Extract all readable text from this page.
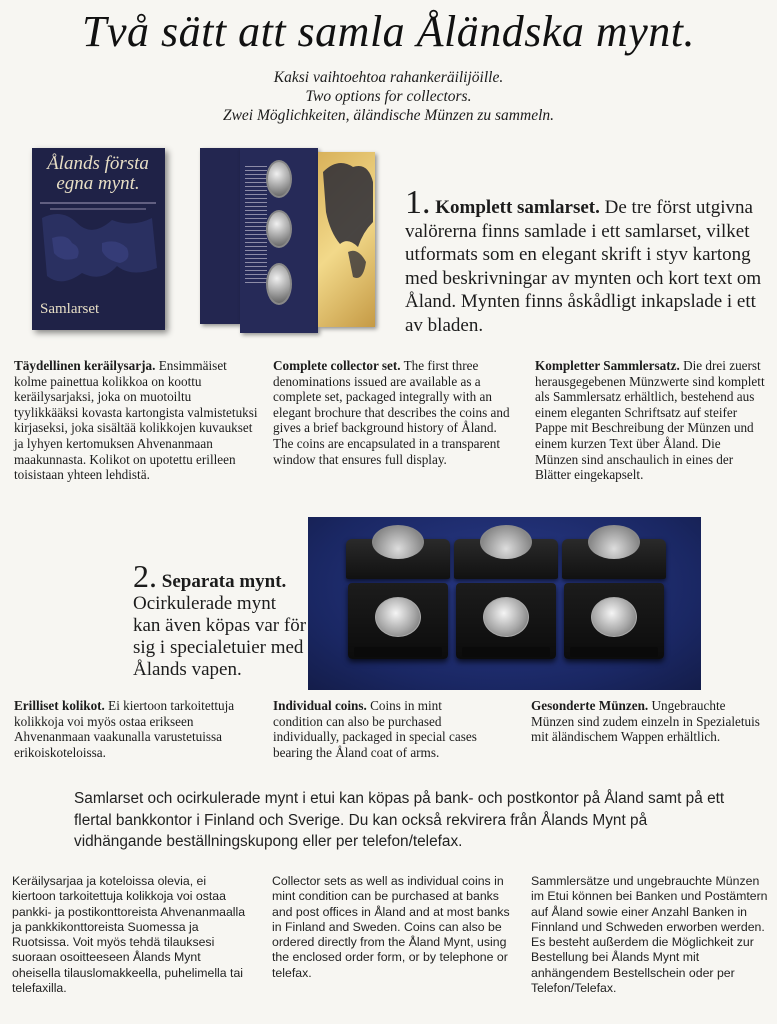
Två sätt att samla Åländska mynt.
Kaksi vaihtoehtoa rahankeräilijöille.
Two options for collectors.
Zwei Möglichkeiten, äländische Münzen zu sammeln.
Ålands första egna mynt.
Samlarset
1. Komplett samlarset. De tre först utgivna valörerna finns samlade i ett samlarset, vilket utformats som en elegant skrift i styv kartong med beskrivningar av mynten och kort text om Åland. Mynten finns åskådligt inkapslade i ett av bladen.
Täydellinen keräilysarja. Ensimmäiset kolme painettua kolikkoa on koottu keräilysarjaksi, joka on muotoiltu tyylikkääksi kovasta kartongista valmistetuksi kirjaseksi, joka sisältää kolikkojen kuvaukset ja lyhyen kertomuksen Ahvenanmaan maakunnasta. Kolikot on upotettu erilleen toisistaan yhteen lehdistä.
Complete collector set. The first three denominations issued are available as a complete set, packaged integrally with an elegant brochure that describes the coins and gives a brief background history of Åland. The coins are encapsulated in a transparent window that ensures full display.
Kompletter Sammlersatz. Die drei zuerst herausgegebenen Münzwerte sind komplett als Sammlersatz erhältlich, bestehend aus einem eleganten Schriftsatz auf steifer Pappe mit Beschreibung der Münzen und einem kurzen Text über Åland. Die Münzen sind anschaulich in eines der Blätter eingekapselt.
2. Separata mynt. Ocirkulerade mynt kan även köpas var för sig i specialetuier med Ålands vapen.
Erilliset kolikot. Ei kiertoon tarkoitettuja kolikkoja voi myös ostaa erikseen Ahvenanmaan vaakunalla varustetuissa erikoiskoteloissa.
Individual coins. Coins in mint condition can also be purchased individually, packaged in special cases bearing the Åland coat of arms.
Gesonderte Münzen. Ungebrauchte Münzen sind zudem einzeln in Spezialetuis mit äländischem Wappen erhältlich.
Samlarset och ocirkulerade mynt i etui kan köpas på bank- och postkontor på Åland samt på ett flertal bankkontor i Finland och Sverige. Du kan också rekvirera från Ålands Mynt på vidhängande beställningskupong eller per telefon/telefax.
Keräilysarjaa ja koteloissa olevia, ei kiertoon tarkoitettuja kolikkoja voi ostaa pankki- ja postikonttoreista Ahvenanmaalla ja pankkikonttoreista Suomessa ja Ruotsissa. Voit myös tehdä tilauksesi suoraan osoitteeseen Ålands Mynt oheisella tilauslomakkeella, puhelimella tai telefaxilla.
Collector sets as well as individual coins in mint condition can be purchased at banks and post offices in Åland and at most banks in Finland and Sweden. Coins can also be ordered directly from the Åland Mynt, using the enclosed order form, or by telephone or telefax.
Sammlersätze und ungebrauchte Münzen im Etui können bei Banken und Postämtern auf Åland sowie einer Anzahl Banken in Finnland und Schweden erworben werden. Es besteht außerdem die Möglichkeit zur Bestellung bei Ålands Mynt mit anhängendem Bestellschein oder per Telefon/Telefax.
